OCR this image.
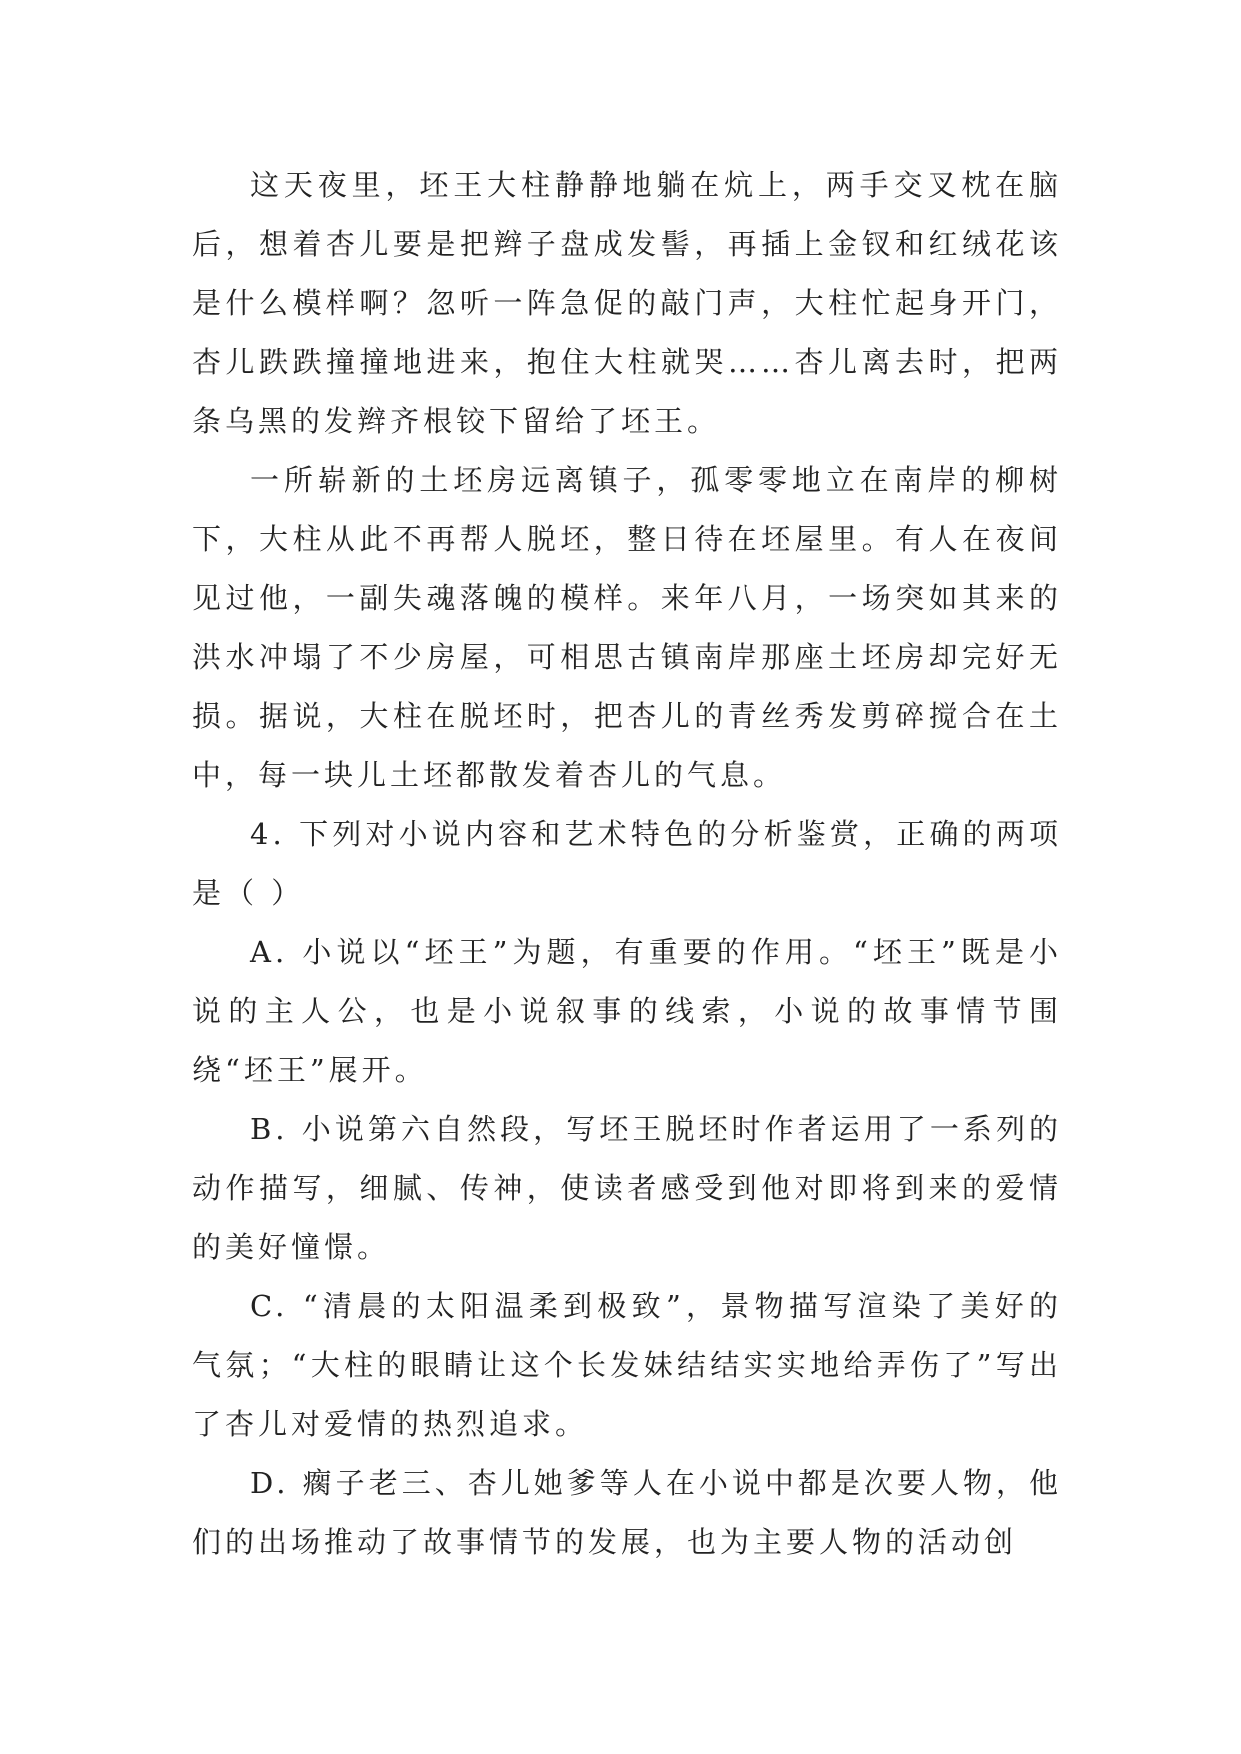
这天夜里，坯王大柱静静地躺在炕上，两手交叉枕在脑后，想着杏儿要是把辫子盘成发髻，再插上金钗和红绒花该是什么模样啊？忽听一阵急促的敲门声，大柱忙起身开门，杏儿跌跌撞撞地进来，抱住大柱就哭……杏儿离去时，把两条乌黑的发辫齐根铰下留给了坯王。

一所崭新的土坯房远离镇子，孤零零地立在南岸的柳树下，大柱从此不再帮人脱坯，整日待在坯屋里。有人在夜间见过他，一副失魂落魄的模样。来年八月，一场突如其来的洪水冲塌了不少房屋，可相思古镇南岸那座土坯房却完好无损。据说，大柱在脱坯时，把杏儿的青丝秀发剪碎搅合在土中，每一块儿土坯都散发着杏儿的气息。

4. 下列对小说内容和艺术特色的分析鉴赏，正确的两项是（ ）

A. 小说以“坯王”为题，有重要的作用。“坯王”既是小说的主人公，也是小说叙事的线索，小说的故事情节围绕“坯王”展开。

B. 小说第六自然段，写坯王脱坯时作者运用了一系列的动作描写，细腻、传神，使读者感受到他对即将到来的爱情的美好憧憬。

C. “清晨的太阳温柔到极致”，景物描写渲染了美好的气氛；“大柱的眼睛让这个长发妹结结实实地给弄伤了”写出了杏儿对爱情的热烈追求。

D. 瘸子老三、杏儿她爹等人在小说中都是次要人物，他们的出场推动了故事情节的发展，也为主要人物的活动创
